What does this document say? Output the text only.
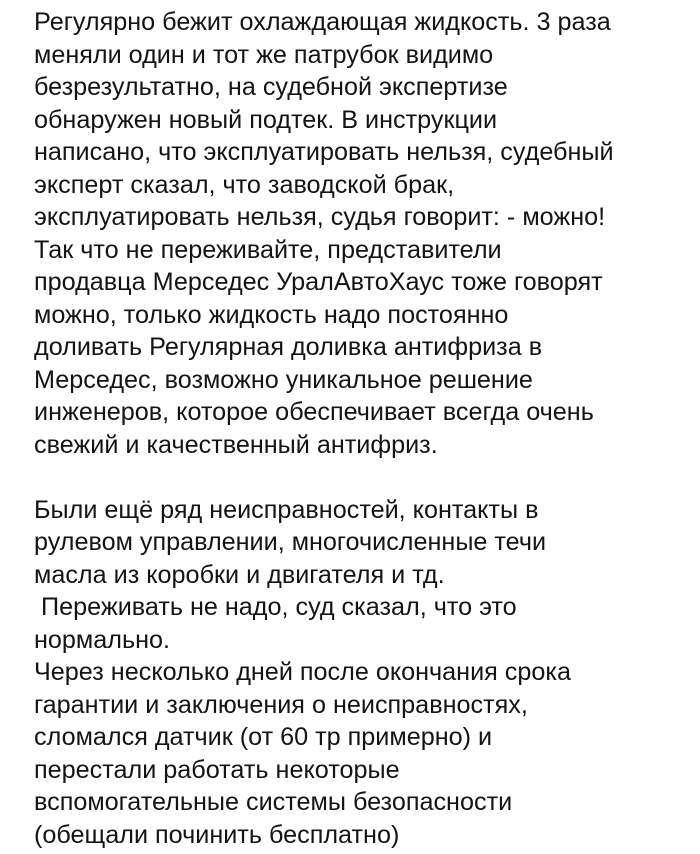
Регулярно бежит охлаждающая жидкость. 3 раза
меняли один и тот же патрубок видимо
безрезультатно, на судебной экспертизе
обнаружен новый подтек. В инструкции
написано, что эксплуатировать нельзя, судебный
эксперт сказал, что заводской брак,
эксплуатировать нельзя, судья говорит: - можно!
Так что не переживайте, представители
продавца Мерседес УралАвтоХаус тоже говорят
можно, только жидкость надо постоянно
доливать Регулярная доливка антифриза в
Мерседес, возможно уникальное решение
инженеров, которое обеспечивает всегда очень
свежий и качественный антифриз.
Были ещё ряд неисправностей, контакты в
рулевом управлении, многочисленные течи
масла из коробки и двигателя и тд.
Переживать не надо, суд сказал, что это
нормально.
Через несколько дней после окончания срока
гарантии и заключения о неисправностях,
сломался датчик (от 60 тр примерно) и
перестали работать некоторые
вспомогательные системы безопасности
(обещали починить бесплатно)
